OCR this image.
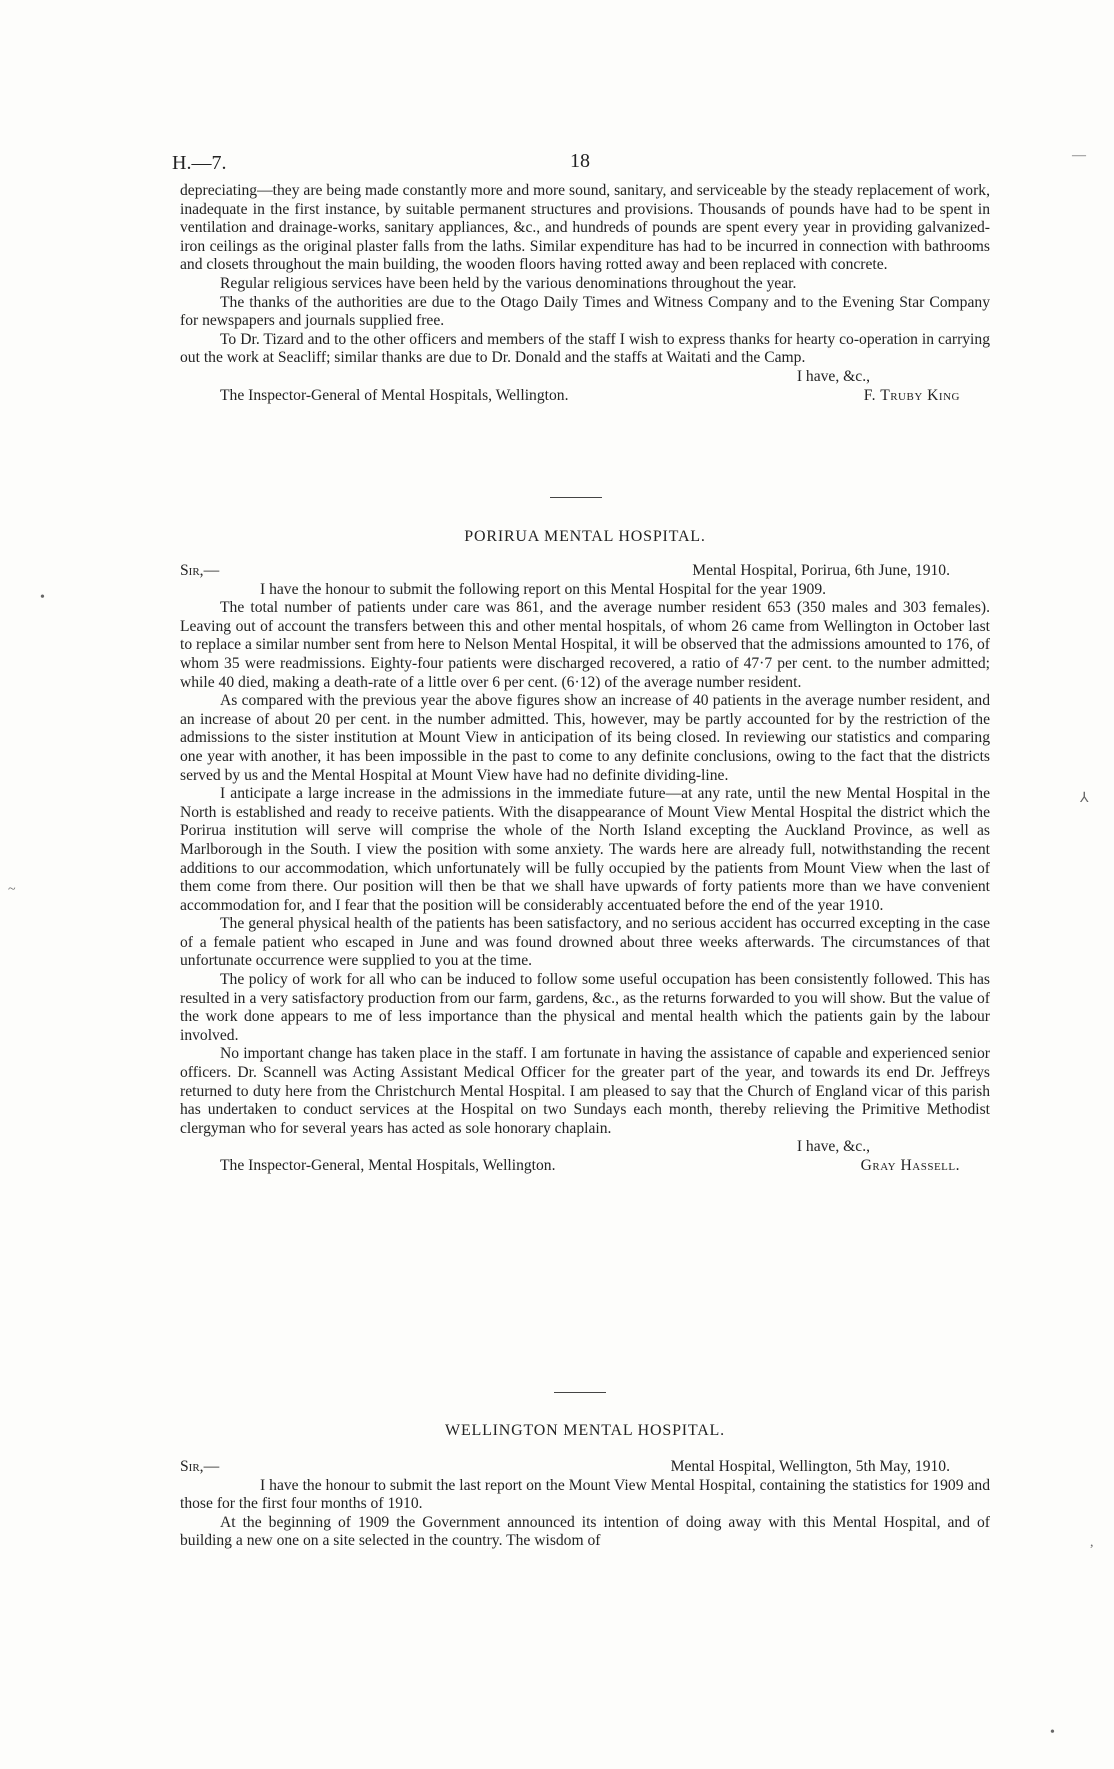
H.—7.	18	—

depreciating—they are being made constantly more and more sound, sanitary, and serviceable by the steady replacement of work, inadequate in the first instance, by suitable permanent structures and provisions. Thousands of pounds have had to be spent in ventilation and drainage-works, sanitary appliances, &c., and hundreds of pounds are spent every year in providing galvanized-iron ceilings as the original plaster falls from the laths. Similar expenditure has had to be incurred in connection with bathrooms and closets throughout the main building, the wooden floors having rotted away and been replaced with concrete.

Regular religious services have been held by the various denominations throughout the year.

The thanks of the authorities are due to the Otago Daily Times and Witness Company and to the Evening Star Company for newspapers and journals supplied free.

To Dr. Tizard and to the other officers and members of the staff I wish to express thanks for hearty co-operation in carrying out the work at Seacliff; similar thanks are due to Dr. Donald and the staffs at Waitati and the Camp.

I have, &c.,
The Inspector-General of Mental Hospitals, Wellington.	F. Truby King
PORIRUA MENTAL HOSPITAL.
Sir,—	Mental Hospital, Porirua, 6th June, 1910.

I have the honour to submit the following report on this Mental Hospital for the year 1909.

The total number of patients under care was 861, and the average number resident 653 (350 males and 303 females). Leaving out of account the transfers between this and other mental hospitals, of whom 26 came from Wellington in October last to replace a similar number sent from here to Nelson Mental Hospital, it will be observed that the admissions amounted to 176, of whom 35 were readmissions. Eighty-four patients were discharged recovered, a ratio of 47·7 per cent. to the number admitted; while 40 died, making a death-rate of a little over 6 per cent. (6·12) of the average number resident.

As compared with the previous year the above figures show an increase of 40 patients in the average number resident, and an increase of about 20 per cent. in the number admitted. This, however, may be partly accounted for by the restriction of the admissions to the sister institution at Mount View in anticipation of its being closed. In reviewing our statistics and comparing one year with another, it has been impossible in the past to come to any definite conclusions, owing to the fact that the districts served by us and the Mental Hospital at Mount View have had no definite dividing-line.

I anticipate a large increase in the admissions in the immediate future—at any rate, until the new Mental Hospital in the North is established and ready to receive patients. With the disappearance of Mount View Mental Hospital the district which the Porirua institution will serve will comprise the whole of the North Island excepting the Auckland Province, as well as Marlborough in the South. I view the position with some anxiety. The wards here are already full, notwithstanding the recent additions to our accommodation, which unfortunately will be fully occupied by the patients from Mount View when the last of them come from there. Our position will then be that we shall have upwards of forty patients more than we have convenient accommodation for, and I fear that the position will be considerably accentuated before the end of the year 1910.

The general physical health of the patients has been satisfactory, and no serious accident has occurred excepting in the case of a female patient who escaped in June and was found drowned about three weeks afterwards. The circumstances of that unfortunate occurrence were supplied to you at the time.

The policy of work for all who can be induced to follow some useful occupation has been consistently followed. This has resulted in a very satisfactory production from our farm, gardens, &c., as the returns forwarded to you will show. But the value of the work done appears to me of less importance than the physical and mental health which the patients gain by the labour involved.

No important change has taken place in the staff. I am fortunate in having the assistance of capable and experienced senior officers. Dr. Scannell was Acting Assistant Medical Officer for the greater part of the year, and towards its end Dr. Jeffreys returned to duty here from the Christchurch Mental Hospital. I am pleased to say that the Church of England vicar of this parish has undertaken to conduct services at the Hospital on two Sundays each month, thereby relieving the Primitive Methodist clergyman who for several years has acted as sole honorary chaplain.

I have, &c.,
The Inspector-General, Mental Hospitals, Wellington.	Gray Hassell.
•
⅄
~
WELLINGTON MENTAL HOSPITAL.
Sir,—	Mental Hospital, Wellington, 5th May, 1910.

I have the honour to submit the last report on the Mount View Mental Hospital, containing the statistics for 1909 and those for the first four months of 1910.

At the beginning of 1909 the Government announced its intention of doing away with this Mental Hospital, and of building a new one on a site selected in the country. The wisdom of	,
•
